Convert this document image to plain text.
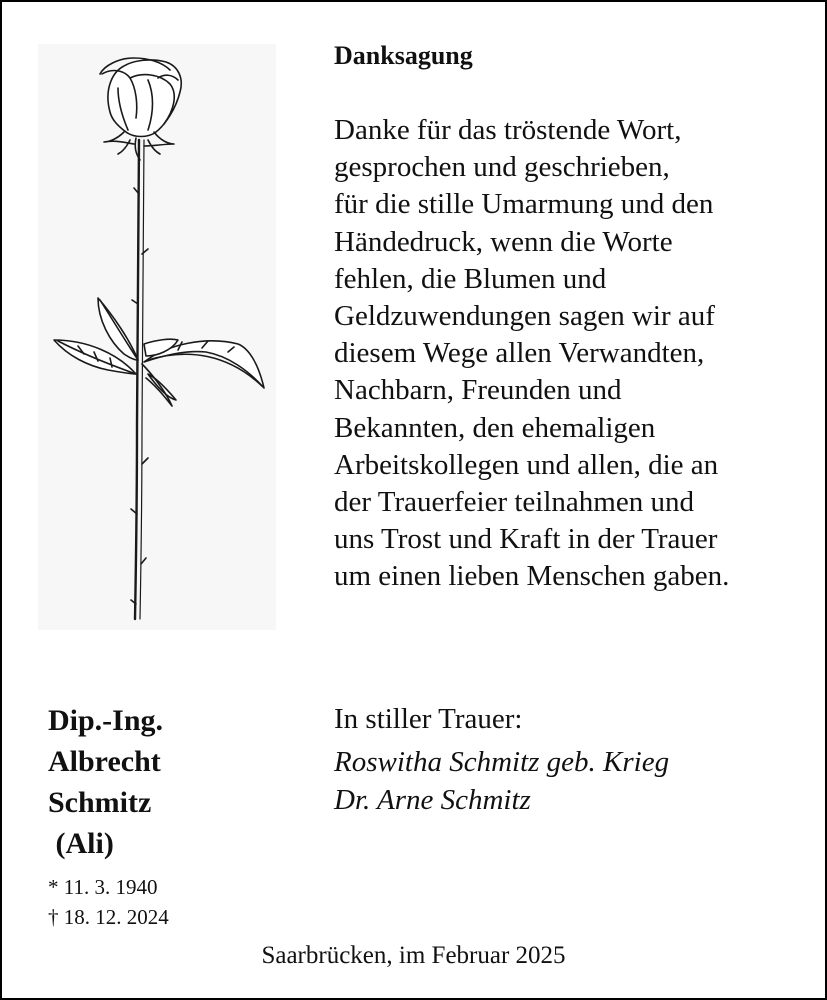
Danksagung
Danke für das tröstende Wort,
gesprochen und geschrieben,
für die stille Umarmung und den
Händedruck, wenn die Worte
fehlen, die Blumen und
Geldzuwendungen sagen wir auf
diesem Wege allen Verwandten,
Nachbarn, Freunden und
Bekannten, den ehemaligen
Arbeitskollegen und allen, die an
der Trauerfeier teilnahmen und
uns Trost und Kraft in der Trauer
um einen lieben Menschen gaben.
Dip.-Ing.
Albrecht
Schmitz
(Ali)
* 11. 3. 1940
† 18. 12. 2024
In stiller Trauer:
Roswitha Schmitz geb. Krieg
Dr. Arne Schmitz
Saarbrücken, im Februar 2025
